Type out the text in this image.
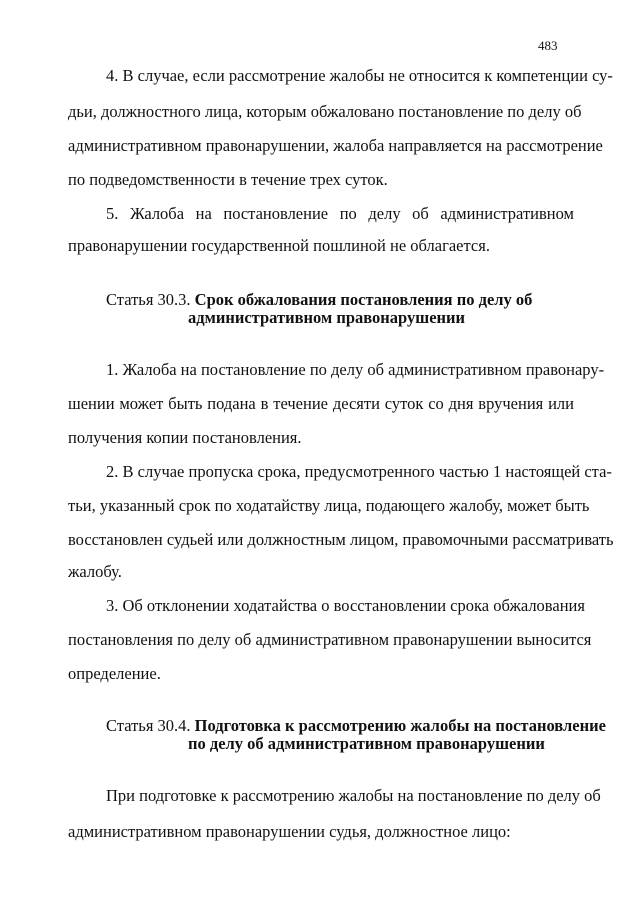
483
4. В случае, если рассмотрение жалобы не относится к компетенции су-
дьи, должностного лица, которым обжаловано постановление по делу об
административном правонарушении, жалоба направляется на рассмотрение
по подведомственности в течение трех суток.
5. Жалоба на постановление по делу об административном
правонарушении государственной пошлиной не облагается.
Статья 30.3. Срок обжалования постановления по делу об
административном правонарушении
1. Жалоба на постановление по делу об административном правонару-
шении может быть подана в течение десяти суток со дня вручения или
получения копии постановления.
2. В случае пропуска срока, предусмотренного частью 1 настоящей ста-
тьи, указанный срок по ходатайству лица, подающего жалобу, может быть
восстановлен судьей или должностным лицом, правомочными рассматривать
жалобу.
3. Об отклонении ходатайства о восстановлении срока обжалования
постановления по делу об административном правонарушении выносится
определение.
Статья 30.4. Подготовка к рассмотрению жалобы на постановление
по делу об административном правонарушении
При подготовке к рассмотрению жалобы на постановление по делу об
административном правонарушении судья, должностное лицо:
